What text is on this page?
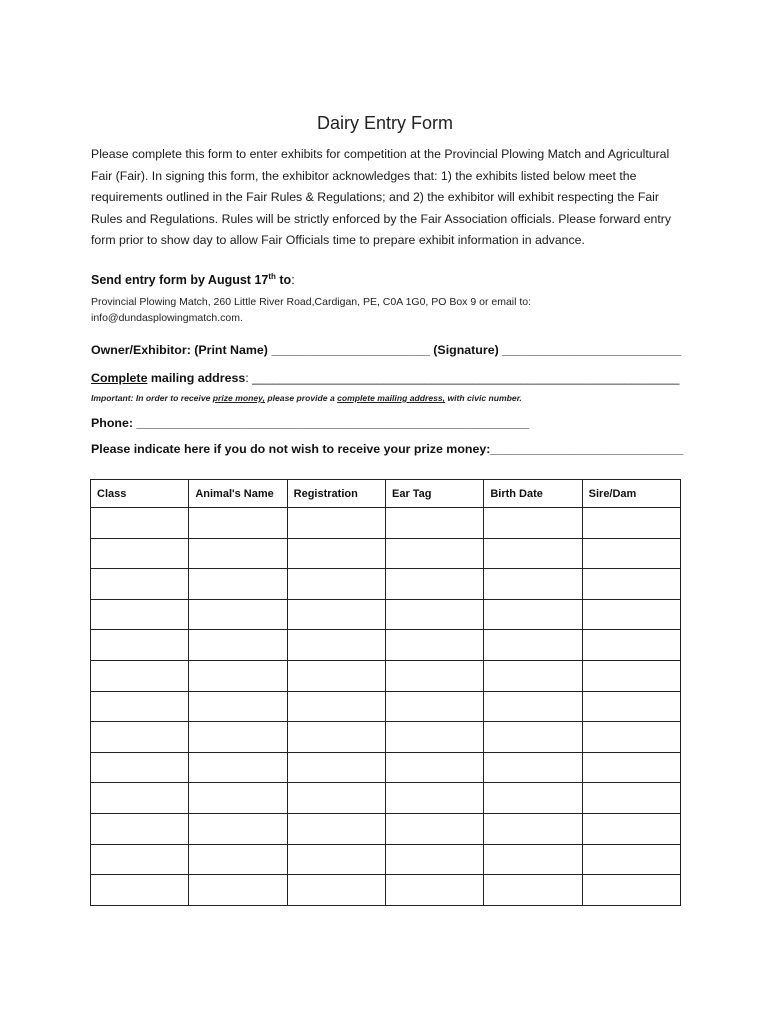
Dairy Entry Form
Please complete this form to enter exhibits for competition at the Provincial Plowing Match and Agricultural Fair (Fair). In signing this form, the exhibitor acknowledges that: 1) the exhibits listed below meet the requirements outlined in the Fair Rules & Regulations; and 2) the exhibitor will exhibit respecting the Fair Rules and Regulations. Rules will be strictly enforced by the Fair Association officials. Please forward entry form prior to show day to allow Fair Officials time to prepare exhibit information in advance.
Send entry form by August 17th to:
Provincial Plowing Match, 260 Little River Road,Cardigan, PE, C0A 1G0, PO Box 9 or email to: info@dundasplowingmatch.com.
Owner/Exhibitor: (Print Name) _______________________ (Signature) __________________________
Complete mailing address: ______________________________________________________________
Important: In order to receive prize money, please provide a complete mailing address, with civic number.
Phone: _________________________________________________________
Please indicate here if you do not wish to receive your prize money:____________________________
Class	Animal's Name	Registration	Ear Tag	Birth Date	Sire/Dam
